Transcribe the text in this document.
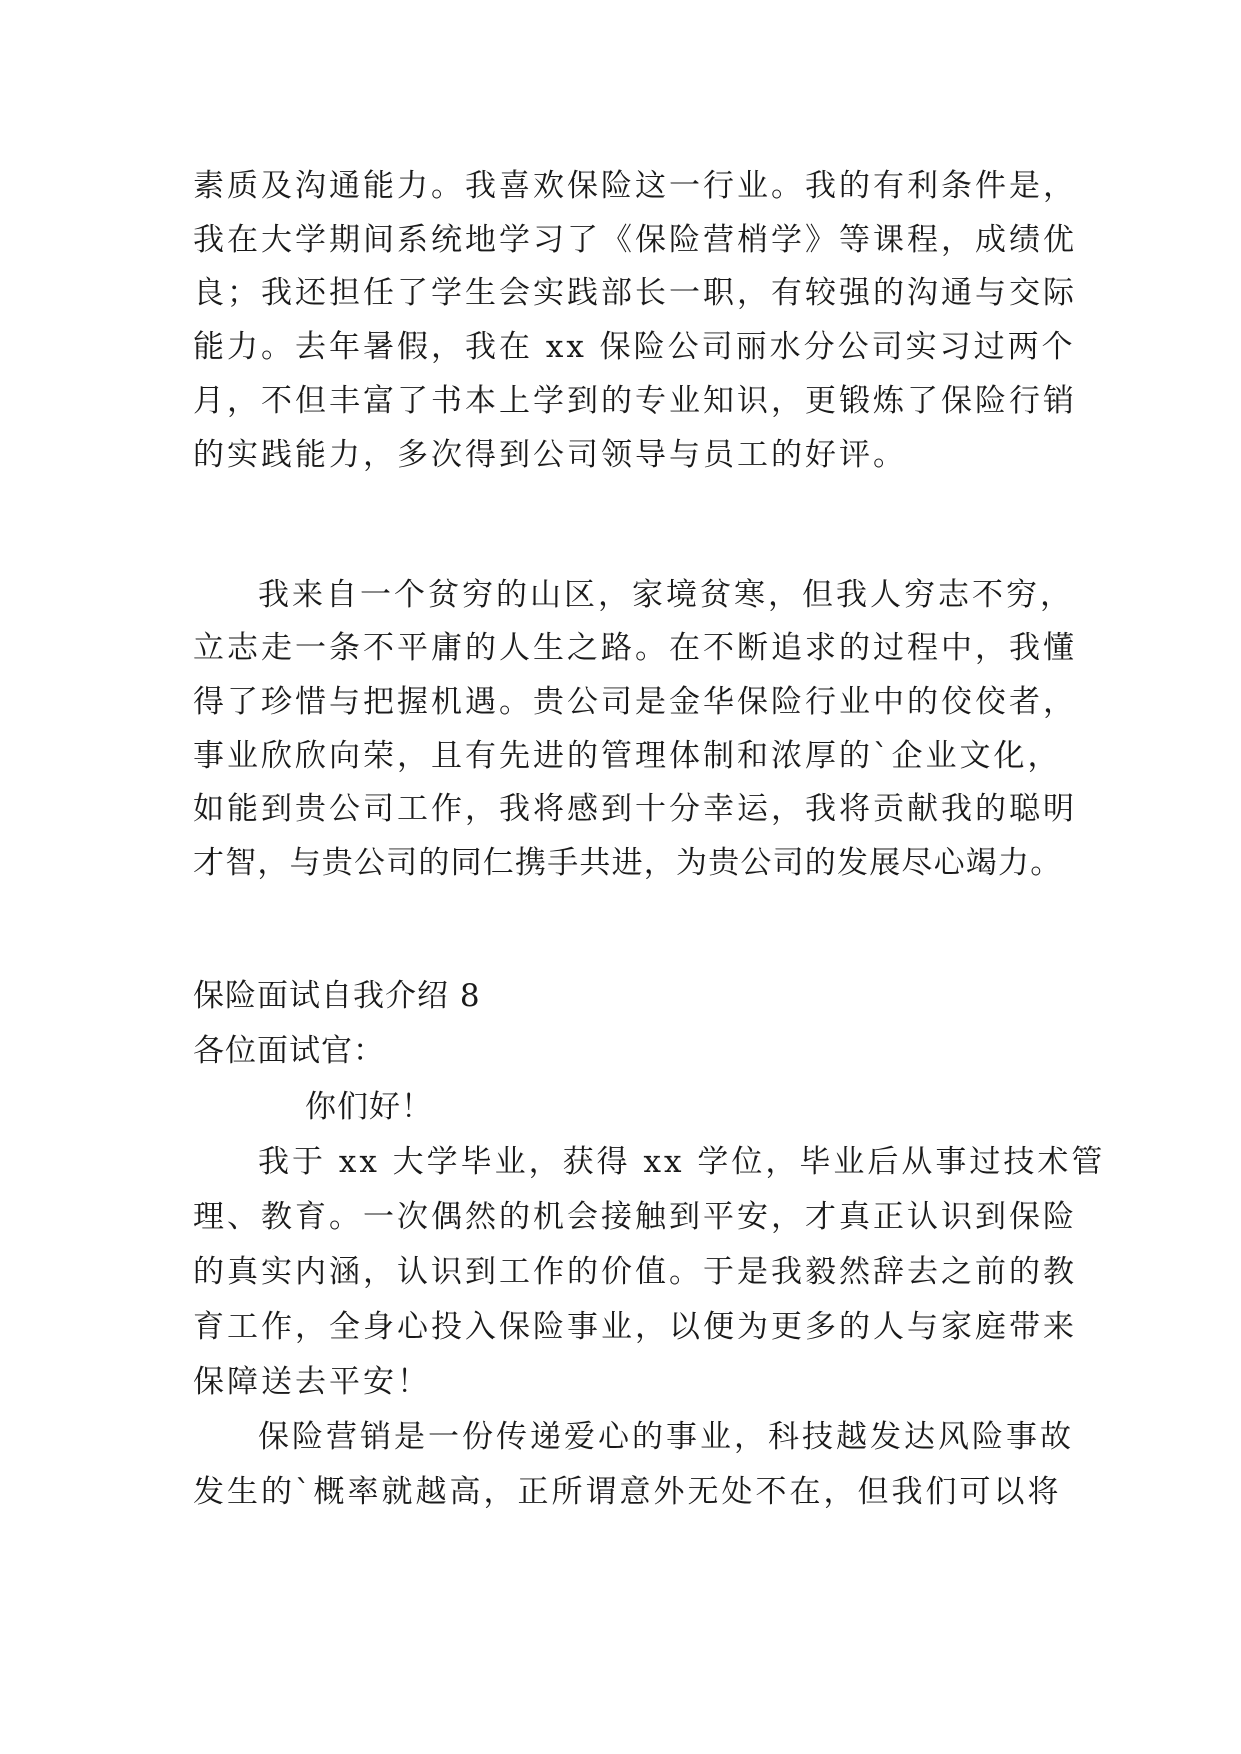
素质及沟通能力。我喜欢保险这一行业。我的有利条件是，
我在大学期间系统地学习了《保险营梢学》等课程，成绩优
良；我还担任了学生会实践部长一职，有较强的沟通与交际
能力。去年暑假，我在 xx 保险公司丽水分公司实习过两个
月，不但丰富了书本上学到的专业知识，更锻炼了保险行销
的实践能力，多次得到公司领导与员工的好评。
我来自一个贫穷的山区，家境贫寒，但我人穷志不穷，
立志走一条不平庸的人生之路。在不断追求的过程中，我懂
得了珍惜与把握机遇。贵公司是金华保险行业中的佼佼者，
事业欣欣向荣，且有先进的管理体制和浓厚的`企业文化，
如能到贵公司工作，我将感到十分幸运，我将贡献我的聪明
才智，与贵公司的同仁携手共进，为贵公司的发展尽心竭力。
保险面试自我介绍 8
各位面试官：
你们好！
我于 xx 大学毕业，获得 xx 学位，毕业后从事过技术管
理、教育。一次偶然的机会接触到平安，才真正认识到保险
的真实内涵，认识到工作的价值。于是我毅然辞去之前的教
育工作，全身心投入保险事业，以便为更多的人与家庭带来
保障送去平安！
保险营销是一份传递爱心的事业，科技越发达风险事故
发生的`概率就越高，正所谓意外无处不在，但我们可以将
